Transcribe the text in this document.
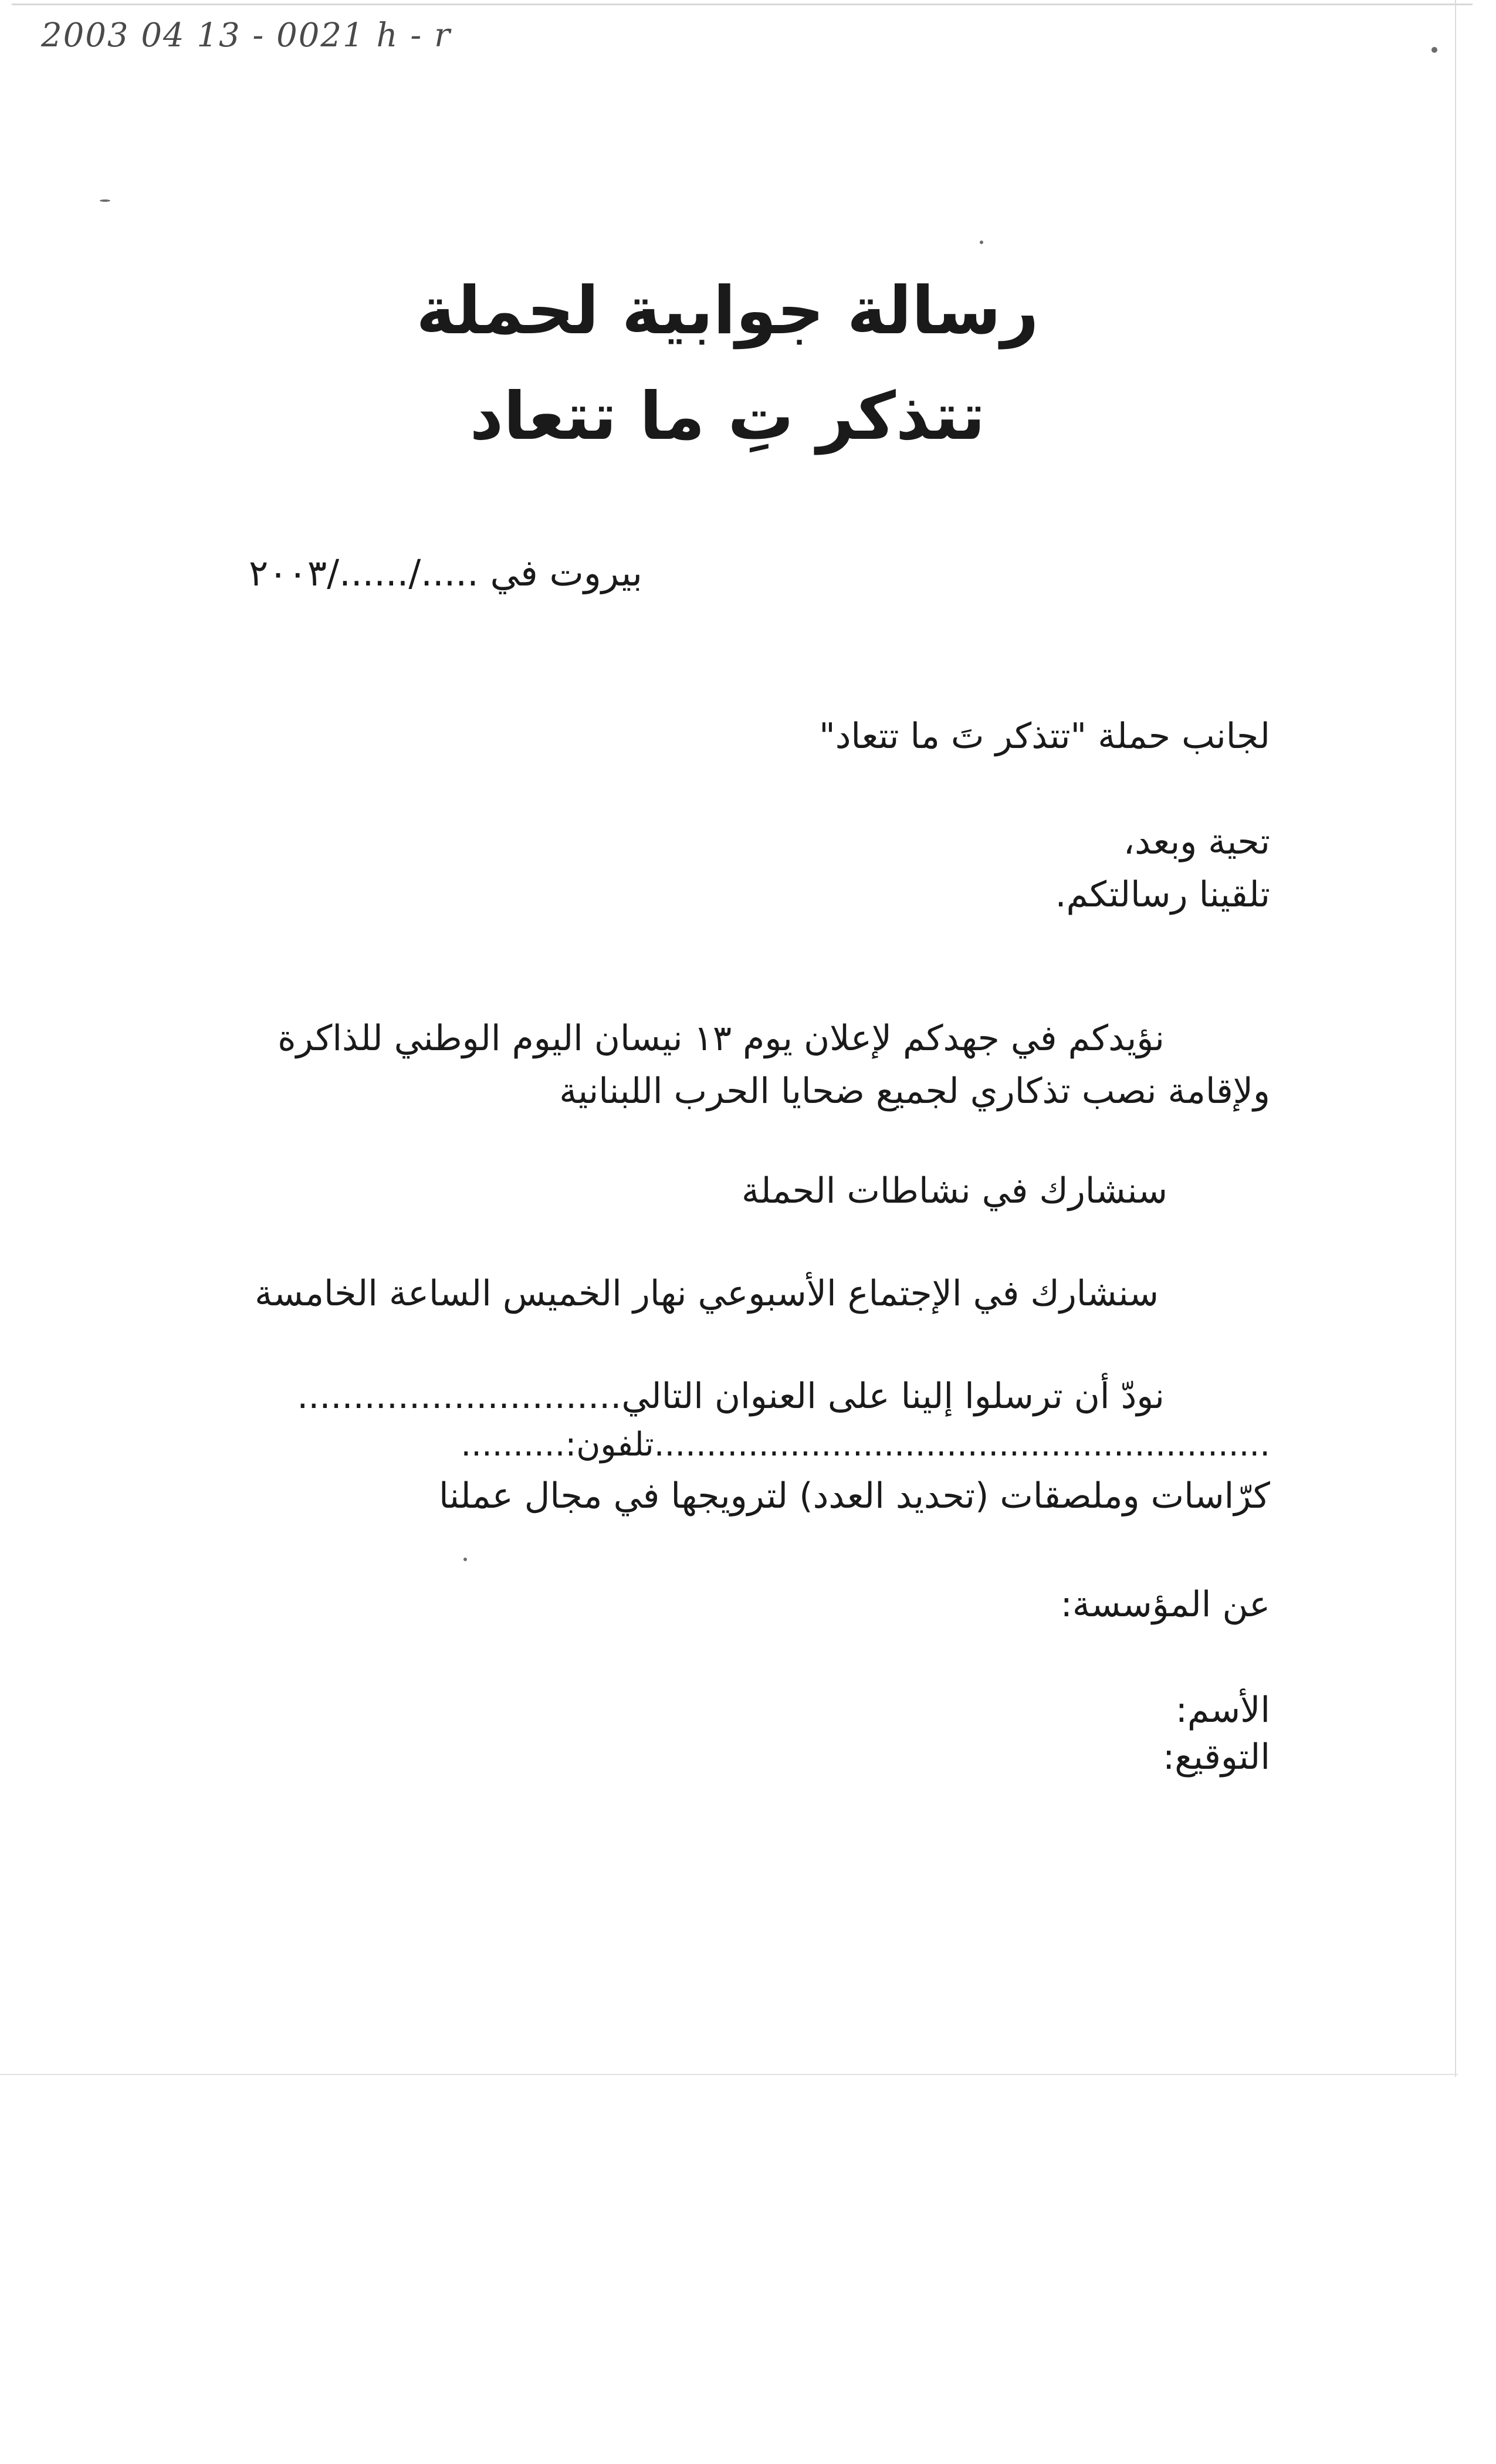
2003 04 13 - 0021 h - r
رسالة جوابية لحملة
تتذكر تِ ما تتعاد
بيروت في ...../....../٢٠٠٣
لجانب حملة "تتذكر تَ ما تتعاد"
تحية وبعد،
تلقينا رسالتكم.
نؤيدكم في جهدكم لإعلان يوم ١٣ نيسان اليوم الوطني للذاكرة
ولإقامة نصب تذكاري لجميع ضحايا الحرب اللبنانية
سنشارك في نشاطات الحملة
سنشارك في الإجتماع الأسبوعي نهار الخميس الساعة الخامسة
نودّ أن ترسلوا إلينا على العنوان التالي.............................
...........................................................تلفون:..........
كرّاسات وملصقات (تحديد العدد) لترويجها في مجال عملنا
عن المؤسسة:
الأسم:
التوقيع:
